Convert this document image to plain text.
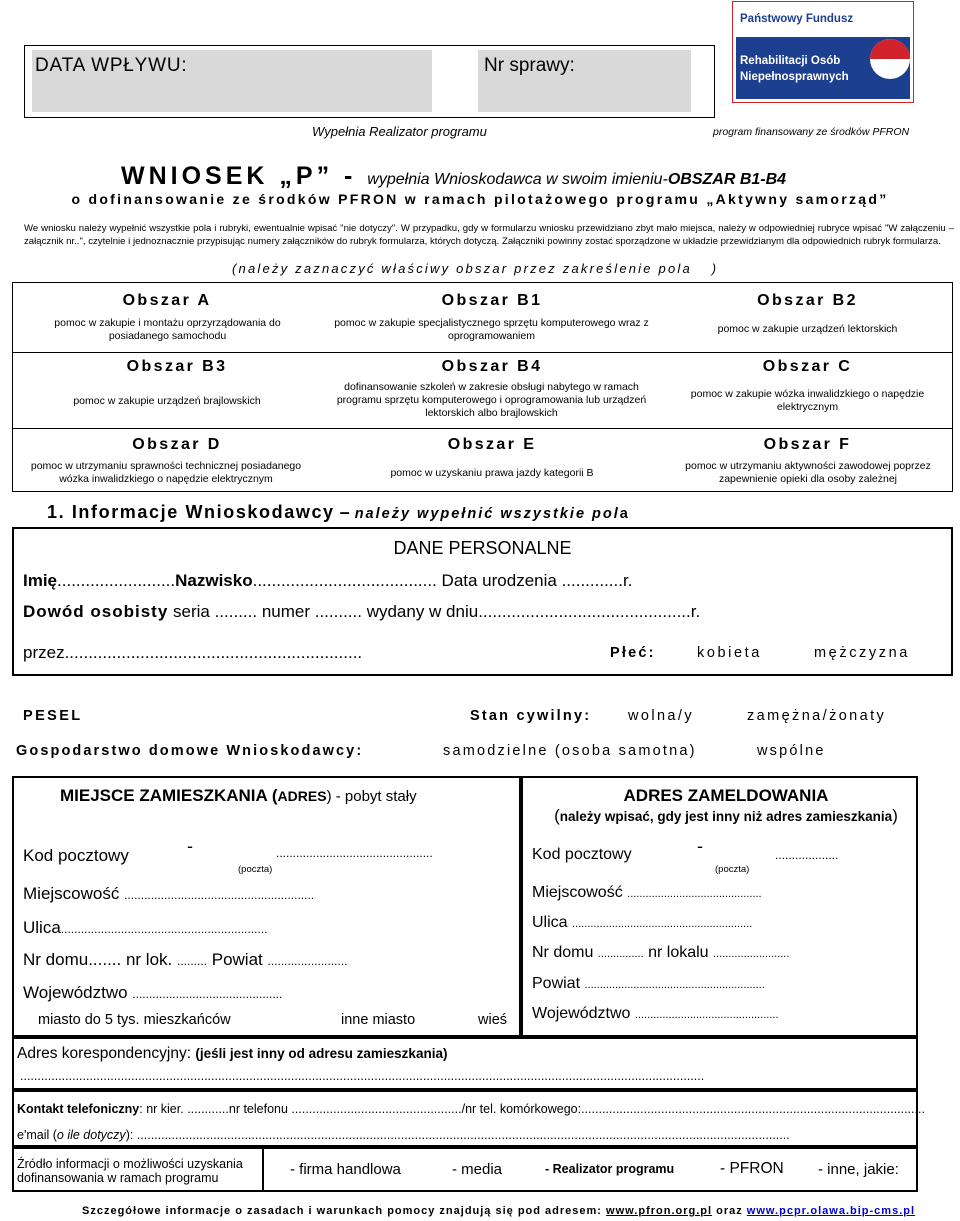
DATA WPŁYWU:	Nr sprawy:
Państwowy Fundusz
Rehabilitacji Osób
Niepełnosprawnych
Wypełnia Realizator programu	program finansowany ze środków PFRON
WNIOSEK „P” - wypełnia Wnioskodawca w swoim imieniu-OBSZAR B1-B4
o dofinansowanie ze środków PFRON w ramach pilotażowego programu „Aktywny samorząd”
We wniosku należy wypełnić wszystkie pola i rubryki, ewentualnie wpisać "nie dotyczy". W przypadku, gdy w formularzu wniosku przewidziano zbyt mało miejsca, należy w odpowiedniej rubryce wpisać "W załączeniu – załącznik nr..", czytelnie i jednoznacznie przypisując numery załączników do rubryk formularza, których dotyczą. Załączniki powinny zostać sporządzone w układzie przewidzianym dla odpowiednich rubryk formularza.
(należy zaznaczyć właściwy obszar przez zakreślenie pola )
Obszar A
pomoc w zakupie i montażu oprzyrządowania do posiadanego samochodu
Obszar B1
pomoc w zakupie specjalistycznego sprzętu komputerowego wraz z oprogramowaniem
Obszar B2
pomoc w zakupie urządzeń lektorskich
Obszar B3
pomoc w zakupie urządzeń brajlowskich
Obszar B4
dofinansowanie szkoleń w zakresie obsługi nabytego w ramach programu sprzętu komputerowego i oprogramowania lub urządzeń lektorskich albo brajlowskich
Obszar C
pomoc w zakupie wózka inwalidzkiego o napędzie elektrycznym
Obszar D
pomoc w utrzymaniu sprawności technicznej posiadanego wózka inwalidzkiego o napędzie elektrycznym
Obszar E
pomoc w uzyskaniu prawa jazdy kategorii B
Obszar F
pomoc w utrzymaniu aktywności zawodowej poprzez zapewnienie opieki dla osoby zależnej
1. Informacje Wnioskodawcy – należy wypełnić wszystkie pola
DANE PERSONALNE
Imię.........................Nazwisko....................................... Data urodzenia .............r.
Dowód osobisty seria ......... numer .......... wydany w dniu.............................................r.
przez...............................................................	Płeć:	kobieta	mężczyzna
PESEL	Stan cywilny:	wolna/y	zamężna/żonaty
Gospodarstwo domowe Wnioskodawcy:	samodzielne (osoba samotna)	wspólne
MIEJSCE ZAMIESZKANIA (ADRES) - pobyt stały
Kod pocztowy	-
(poczta)
...............................................
Miejscowość .........................................................
Ulica..............................................................
Nr domu....... nr lok. ......... Powiat ........................
Województwo .............................................
miasto do 5 tys. mieszkańców	inne miasto	wieś
ADRES ZAMELDOWANIA
(należy wpisać, gdy jest inny niż adres zamieszkania)
Kod pocztowy	-
(poczta)
...................
Miejscowość ............................................
Ulica ...........................................................
Nr domu ............... nr lokalu .........................
Powiat ...........................................................
Województwo ...............................................
Adres korespondencyjny: (jeśli jest inny od adresu zamieszkania)
.....................................................................................................................................................................................................
Kontakt telefoniczny: nr kier. ............nr telefonu ................................................./nr tel. komórkowego:...................................................................................................
e'mail (o ile dotyczy): ............................................................................................................................................................................................
Źródło informacji o możliwości uzyskania dofinansowania w ramach programu	- firma handlowa	- media	- Realizator programu	- PFRON - inne, jakie:
Szczegółowe informacje o zasadach i warunkach pomocy znajdują się pod adresem: www.pfron.org.pl oraz www.pcpr.olawa.bip-cms.pl
